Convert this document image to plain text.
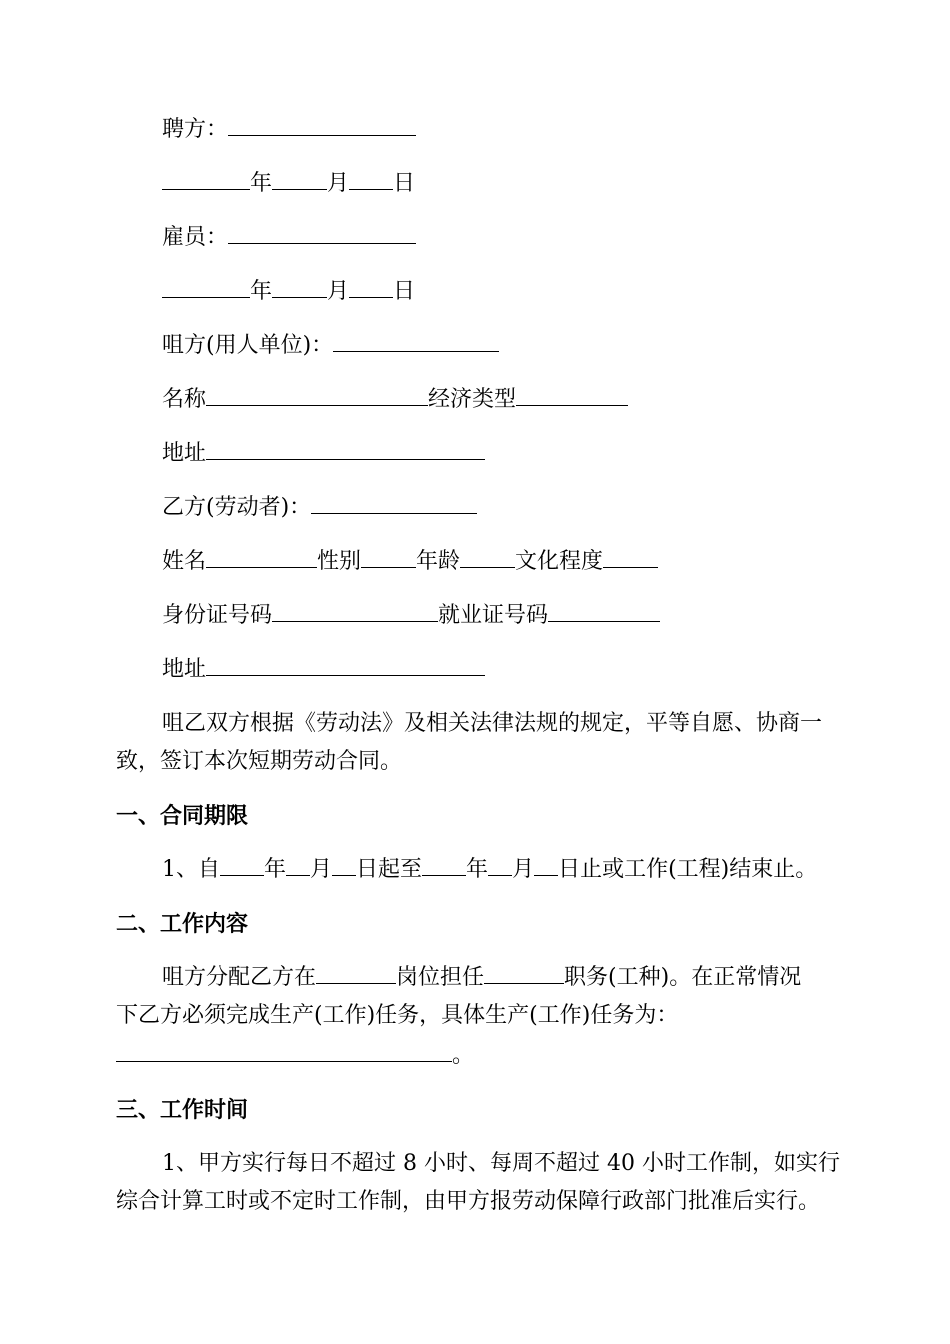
聘方：
年	月 日
雇员：
年	月 日
咀方(用人单位)：
名称	经济类型
地址
乙方(劳动者)：
姓名	性别	年龄	文化程度
身份证号码	就业证号码
地址
咀乙双方根据《劳动法》及相关法律法规的规定，平等自愿、协商一
致，签订本次短期劳动合同。
一、合同期限
1、自 年 月 日起至 年 月 日止或工作(工程)结束止。
二、工作内容
咀方分配乙方在	岗位担任	职务(工种)。在正常情况
下乙方必须完成生产(工作)任务，具体生产(工作)任务为：
。
三、工作时间
1、甲方实行每日不超过 8 小时、每周不超过 40 小时工作制，如实行
综合计算工时或不定时工作制，由甲方报劳动保障行政部门批准后实行。
